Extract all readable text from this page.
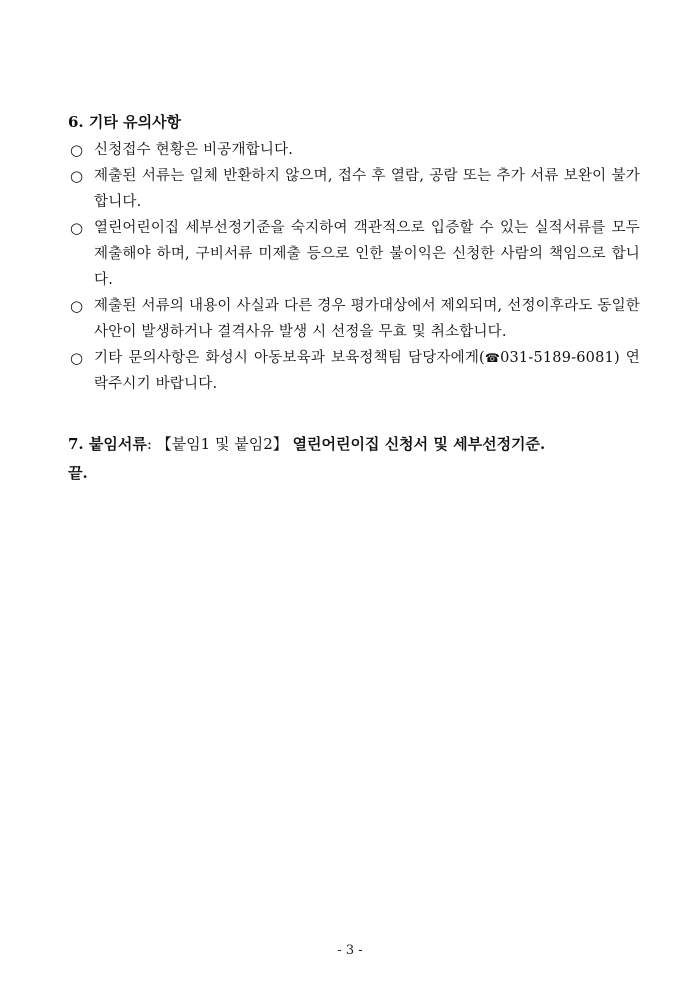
6. 기타 유의사항
○ 신청접수 현황은 비공개합니다.
○ 제출된 서류는 일체 반환하지 않으며, 접수 후 열람, 공람 또는 추가 서류 보완이 불가합니다.
○ 열린어린이집 세부선정기준을 숙지하여 객관적으로 입증할 수 있는 실적서류를 모두 제출해야 하며, 구비서류 미제출 등으로 인한 불이익은 신청한 사람의 책임으로 합니다.
○ 제출된 서류의 내용이 사실과 다른 경우 평가대상에서 제외되며, 선정이후라도 동일한 사안이 발생하거나 결격사유 발생 시 선정을 무효 및 취소합니다.
○ 기타 문의사항은 화성시 아동보육과 보육정책팀 담당자에게(☎031-5189-6081) 연락주시기 바랍니다.
7. 붙임서류: 【붙임1 및 붙임2】 열린어린이집 신청서 및 세부선정기준.
끝.
- 3 -
